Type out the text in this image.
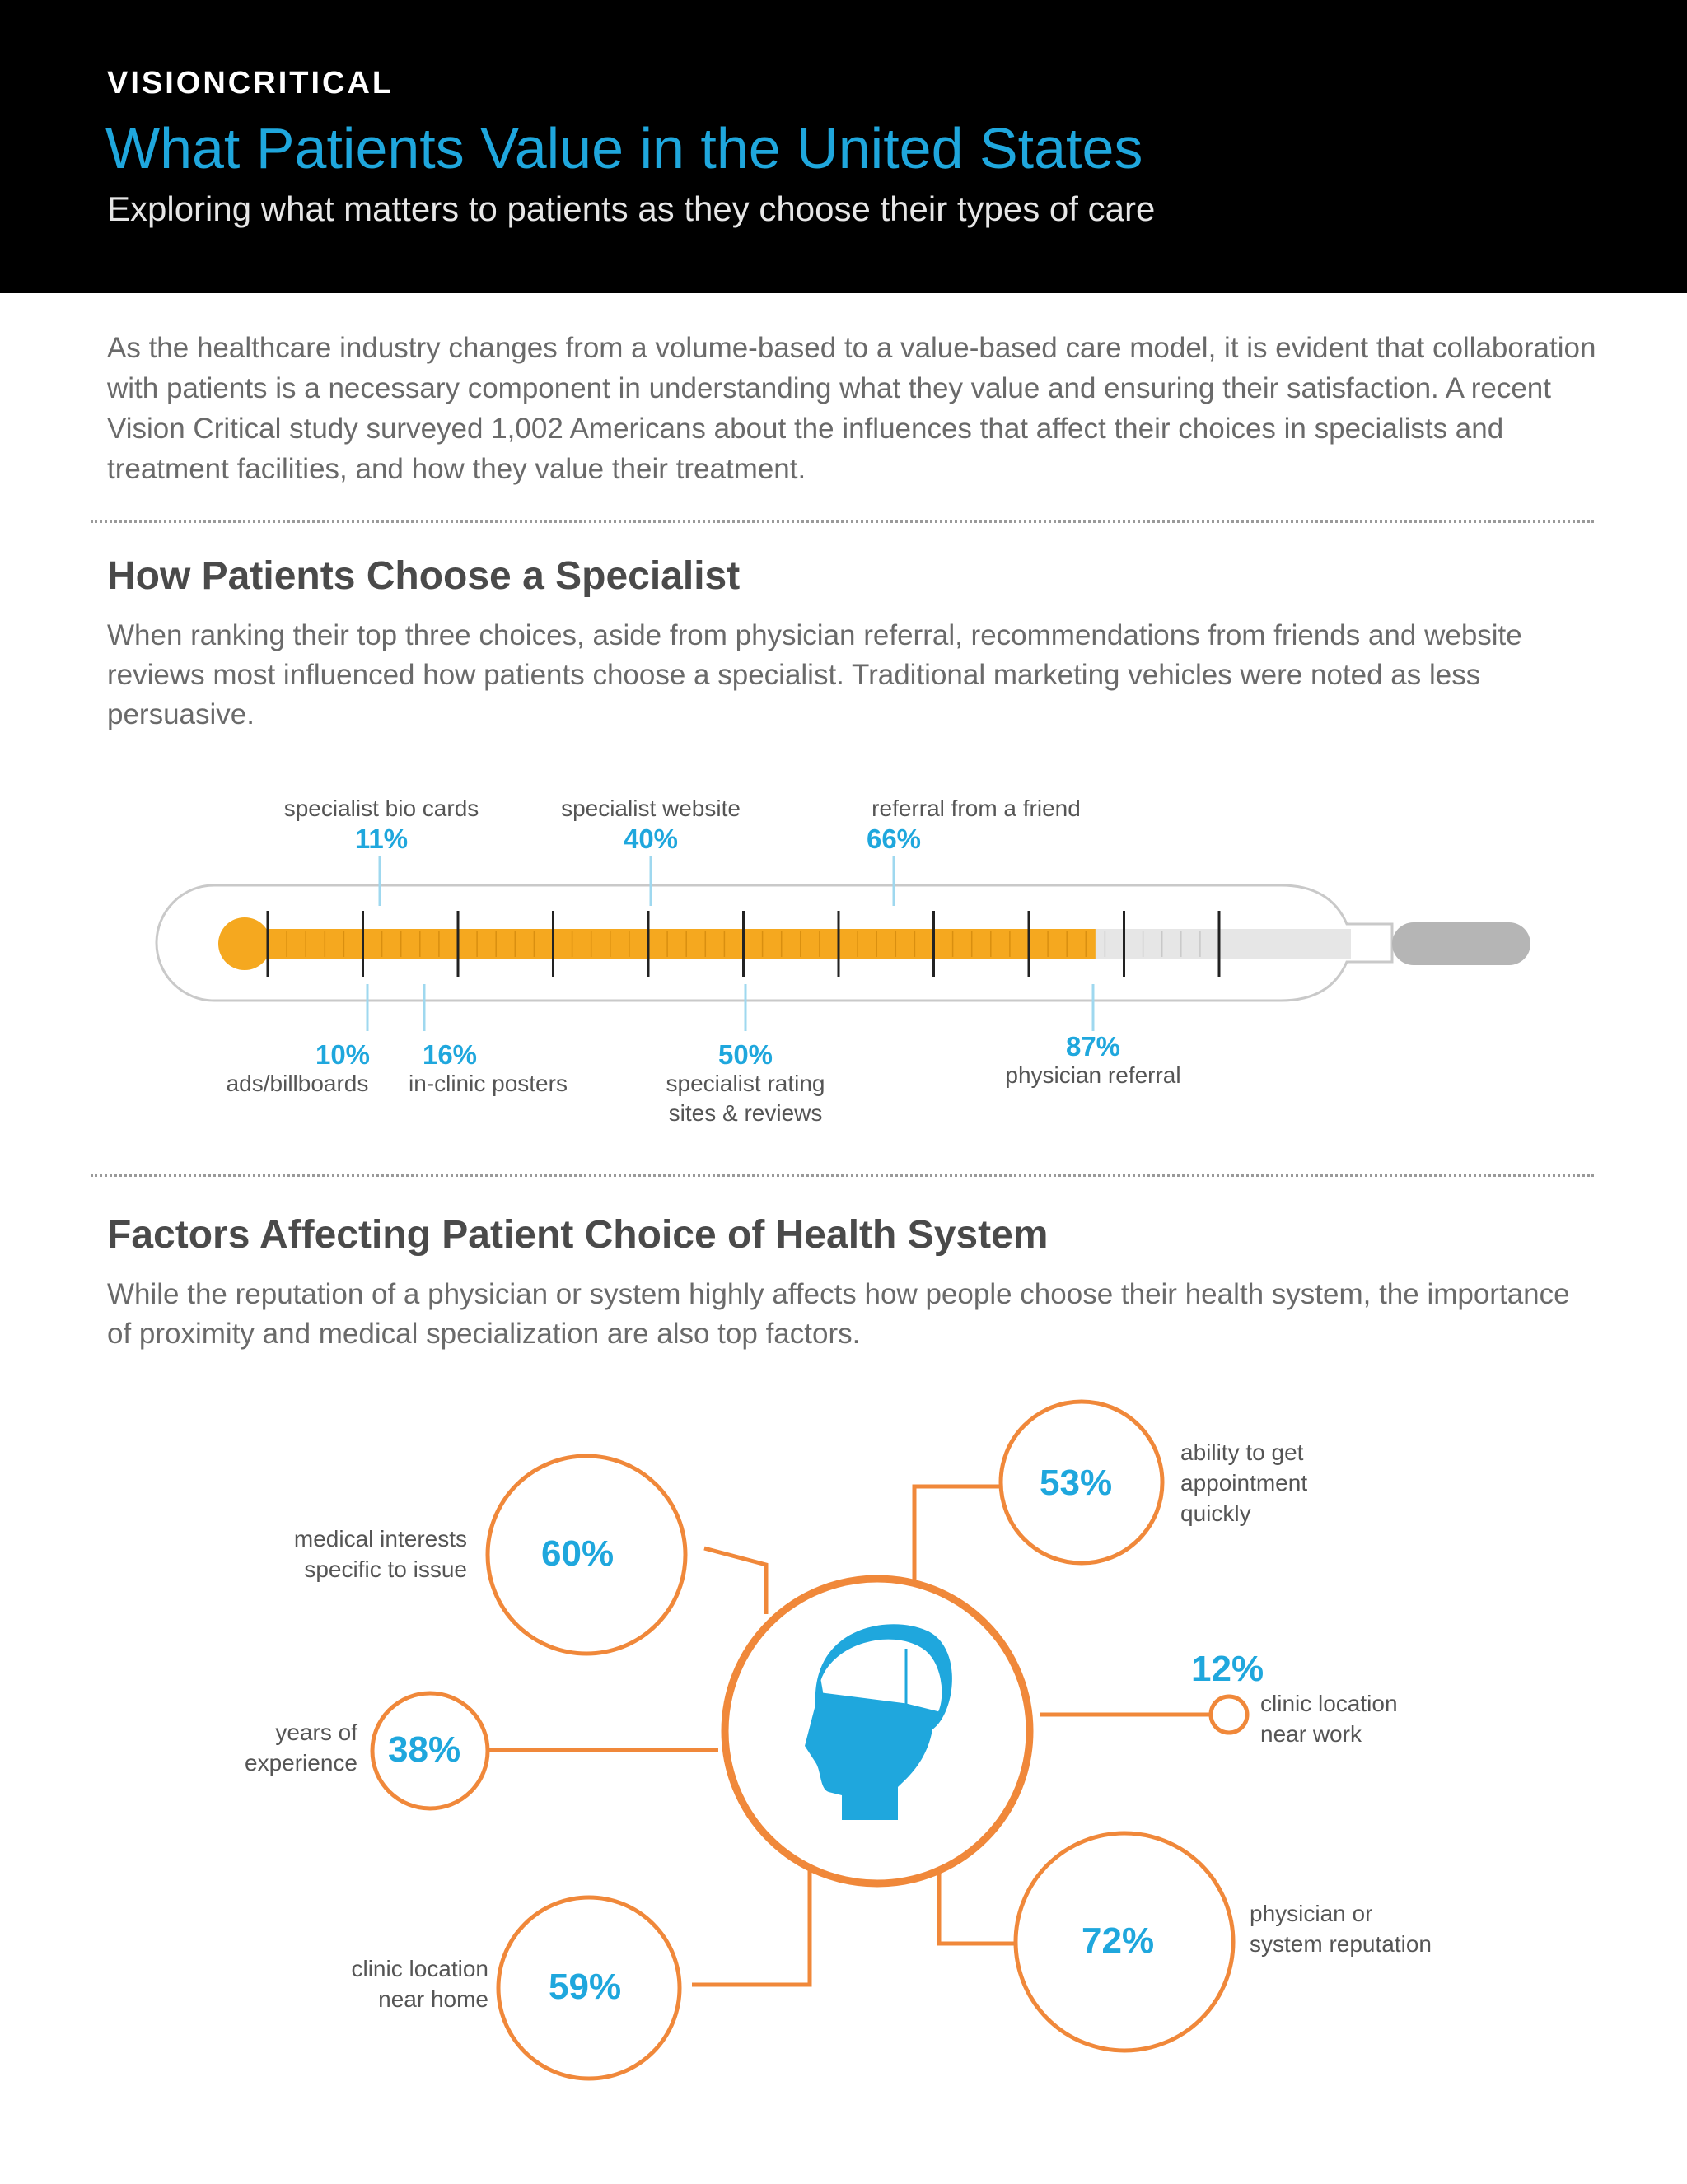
VISIONCRITICAL
What Patients Value in the United States
Exploring what matters to patients as they choose their types of care

As the healthcare industry changes from a volume-based to a value-based care model, it is evident that collaboration with patients is a necessary component in understanding what they value and ensuring their satisfaction. A recent Vision Critical study surveyed 1,002 Americans about the influences that affect their choices in specialists and treatment facilities, and how they value their treatment.

How Patients Choose a Specialist

When ranking their top three choices, aside from physician referral, recommendations from friends and website reviews most influenced how patients choose a specialist. Traditional marketing vehicles were noted as less persuasive.

specialist bio cards
11%
specialist website
40%
referral from a friend
66%
10%
ads/billboards
16%
in-clinic posters
50%
specialist rating
sites & reviews
87%
physician referral
Factors Affecting Patient Choice of Health System

While the reputation of a physician or system highly affects how people choose their health system, the importance of proximity and medical specialization are also top factors.

60%
38%
59%
53%
12%
72%
medical interests
specific to issue
years of
experience
clinic location
near home
ability to get
appointment
quickly
clinic location
near work
physician or
system reputation
